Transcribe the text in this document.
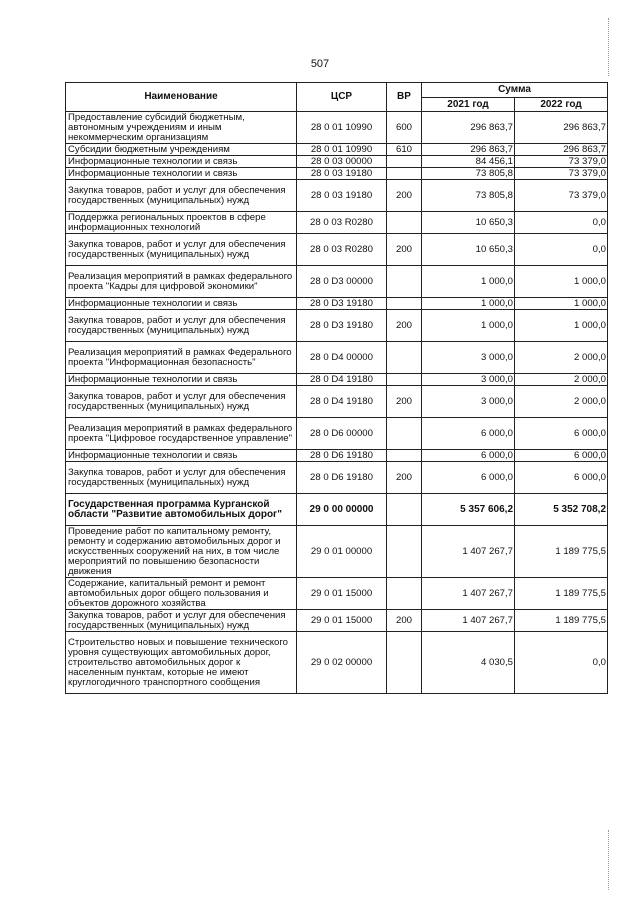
507
Наименование	ЦСР	ВР	Сумма	
			2021 год	2022 год
Предоставление субсидий бюджетным, автономным учреждениям и иным некоммерческим организациям	28 0 01 10990	600	296 863,7	296 863,7
Субсидии бюджетным учреждениям	28 0 01 10990	610	296 863,7	296 863,7
Информационные технологии и связь	28 0 03 00000		84 456,1	73 379,0
Информационные технологии и связь	28 0 03 19180		73 805,8	73 379,0
Закупка товаров, работ и услуг для обеспечения государственных (муниципальных) нужд	28 0 03 19180	200	73 805,8	73 379,0
Поддержка региональных проектов в сфере информационных технологий	28 0 03 R0280		10 650,3	0,0
Закупка товаров, работ и услуг для обеспечения государственных (муниципальных) нужд	28 0 03 R0280	200	10 650,3	0,0
Реализация мероприятий в рамках федерального проекта "Кадры для цифровой экономики"	28 0 D3 00000		1 000,0	1 000,0
Информационные технологии и связь	28 0 D3 19180		1 000,0	1 000,0
Закупка товаров, работ и услуг для обеспечения государственных (муниципальных) нужд	28 0 D3 19180	200	1 000,0	1 000,0
Реализация мероприятий в рамках Федерального проекта "Информационная безопасность"	28 0 D4 00000		3 000,0	2 000,0
Информационные технологии и связь	28 0 D4 19180		3 000,0	2 000,0
Закупка товаров, работ и услуг для обеспечения государственных (муниципальных) нужд	28 0 D4 19180	200	3 000,0	2 000,0
Реализация мероприятий в рамках федерального проекта "Цифровое государственное управление"	28 0 D6 00000		6 000,0	6 000,0
Информационные технологии и связь	28 0 D6 19180		6 000,0	6 000,0
Закупка товаров, работ и услуг для обеспечения государственных (муниципальных) нужд	28 0 D6 19180	200	6 000,0	6 000,0
Государственная программа Курганской области "Развитие автомобильных дорог"	29 0 00 00000		5 357 606,2	5 352 708,2
Проведение работ по капитальному ремонту, ремонту и содержанию автомобильных дорог и искусственных сооружений на них, в том числе мероприятий по повышению безопасности движения	29 0 01 00000		1 407 267,7	1 189 775,5
Содержание, капитальный ремонт и ремонт автомобильных дорог общего пользования и объектов дорожного хозяйства	29 0 01 15000		1 407 267,7	1 189 775,5
Закупка товаров, работ и услуг для обеспечения государственных (муниципальных) нужд	29 0 01 15000	200	1 407 267,7	1 189 775,5
Строительство новых и повышение технического уровня существующих автомобильных дорог, строительство автомобильных дорог к населенным пунктам, которые не имеют круглогодичного транспортного сообщения	29 0 02 00000		4 030,5	0,0
